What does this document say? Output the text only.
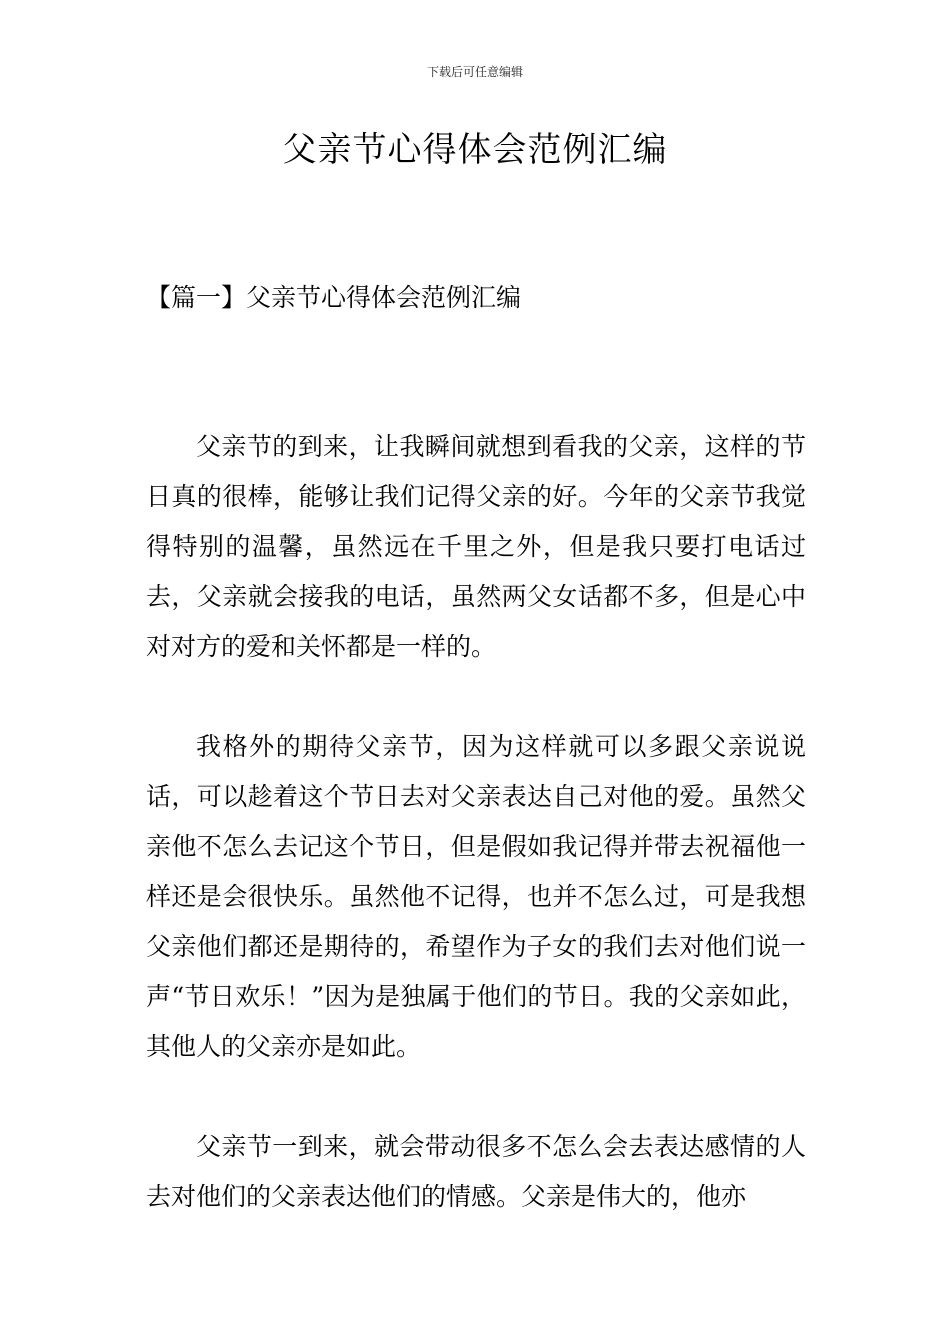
下载后可任意编辑
父亲节心得体会范例汇编
【篇一】父亲节心得体会范例汇编

父亲节的到来，让我瞬间就想到看我的父亲，这样的节日真的很棒，能够让我们记得父亲的好。今年的父亲节我觉得特别的温馨，虽然远在千里之外，但是我只要打电话过去，父亲就会接我的电话，虽然两父女话都不多，但是心中对对方的爱和关怀都是一样的。

我格外的期待父亲节，因为这样就可以多跟父亲说说话，可以趁着这个节日去对父亲表达自己对他的爱。虽然父亲他不怎么去记这个节日，但是假如我记得并带去祝福他一样还是会很快乐。虽然他不记得，也并不怎么过，可是我想父亲他们都还是期待的，希望作为子女的我们去对他们说一声“节日欢乐！”因为是独属于他们的节日。我的父亲如此，其他人的父亲亦是如此。

父亲节一到来，就会带动很多不怎么会去表达感情的人去对他们的父亲表达他们的情感。父亲是伟大的，他亦
